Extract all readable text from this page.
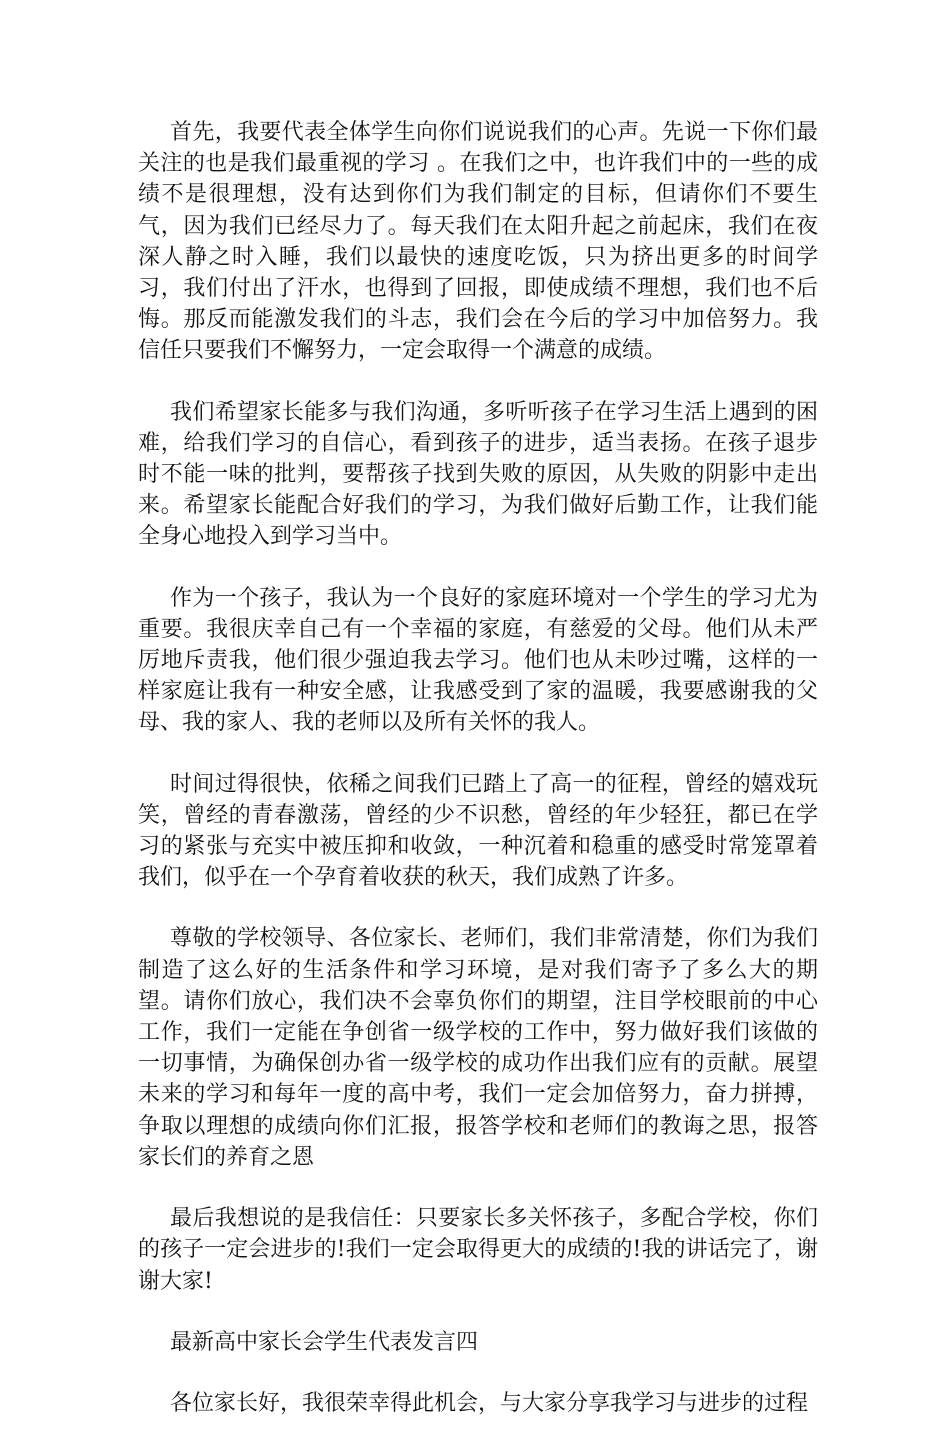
首先，我要代表全体学生向你们说说我们的心声。先说一下你们最关注的也是我们最重视的学习 。在我们之中，也许我们中的一些的成绩不是很理想，没有达到你们为我们制定的目标，但请你们不要生气，因为我们已经尽力了。每天我们在太阳升起之前起床，我们在夜深人静之时入睡，我们以最快的速度吃饭，只为挤出更多的时间学习，我们付出了汗水，也得到了回报，即使成绩不理想，我们也不后悔。那反而能激发我们的斗志，我们会在今后的学习中加倍努力。我信任只要我们不懈努力，一定会取得一个满意的成绩。

我们希望家长能多与我们沟通，多听听孩子在学习生活上遇到的困难，给我们学习的自信心，看到孩子的进步，适当表扬。在孩子退步时不能一味的批判，要帮孩子找到失败的原因，从失败的阴影中走出来。希望家长能配合好我们的学习，为我们做好后勤工作，让我们能全身心地投入到学习当中。

作为一个孩子，我认为一个良好的家庭环境对一个学生的学习尤为重要。我很庆幸自己有一个幸福的家庭，有慈爱的父母。他们从未严厉地斥责我，他们很少强迫我去学习。他们也从未吵过嘴，这样的一样家庭让我有一种安全感，让我感受到了家的温暖，我要感谢我的父母、我的家人、我的老师以及所有关怀的我人。

时间过得很快，依稀之间我们已踏上了高一的征程，曾经的嬉戏玩笑，曾经的青春激荡，曾经的少不识愁，曾经的年少轻狂，都已在学习的紧张与充实中被压抑和收敛，一种沉着和稳重的感受时常笼罩着我们，似乎在一个孕育着收获的秋天，我们成熟了许多。

尊敬的学校领导、各位家长、老师们，我们非常清楚，你们为我们制造了这么好的生活条件和学习环境，是对我们寄予了多么大的期望。请你们放心，我们决不会辜负你们的期望，注目学校眼前的中心工作，我们一定能在争创省一级学校的工作中，努力做好我们该做的一切事情，为确保创办省一级学校的成功作出我们应有的贡献。展望未来的学习和每年一度的高中考，我们一定会加倍努力，奋力拼搏，争取以理想的成绩向你们汇报，报答学校和老师们的教诲之思，报答家长们的养育之恩

最后我想说的是我信任：只要家长多关怀孩子，多配合学校，你们的孩子一定会进步的!我们一定会取得更大的成绩的!我的讲话完了，谢谢大家!

最新高中家长会学生代表发言四

各位家长好，我很荣幸得此机会，与大家分享我学习与进步的过程
